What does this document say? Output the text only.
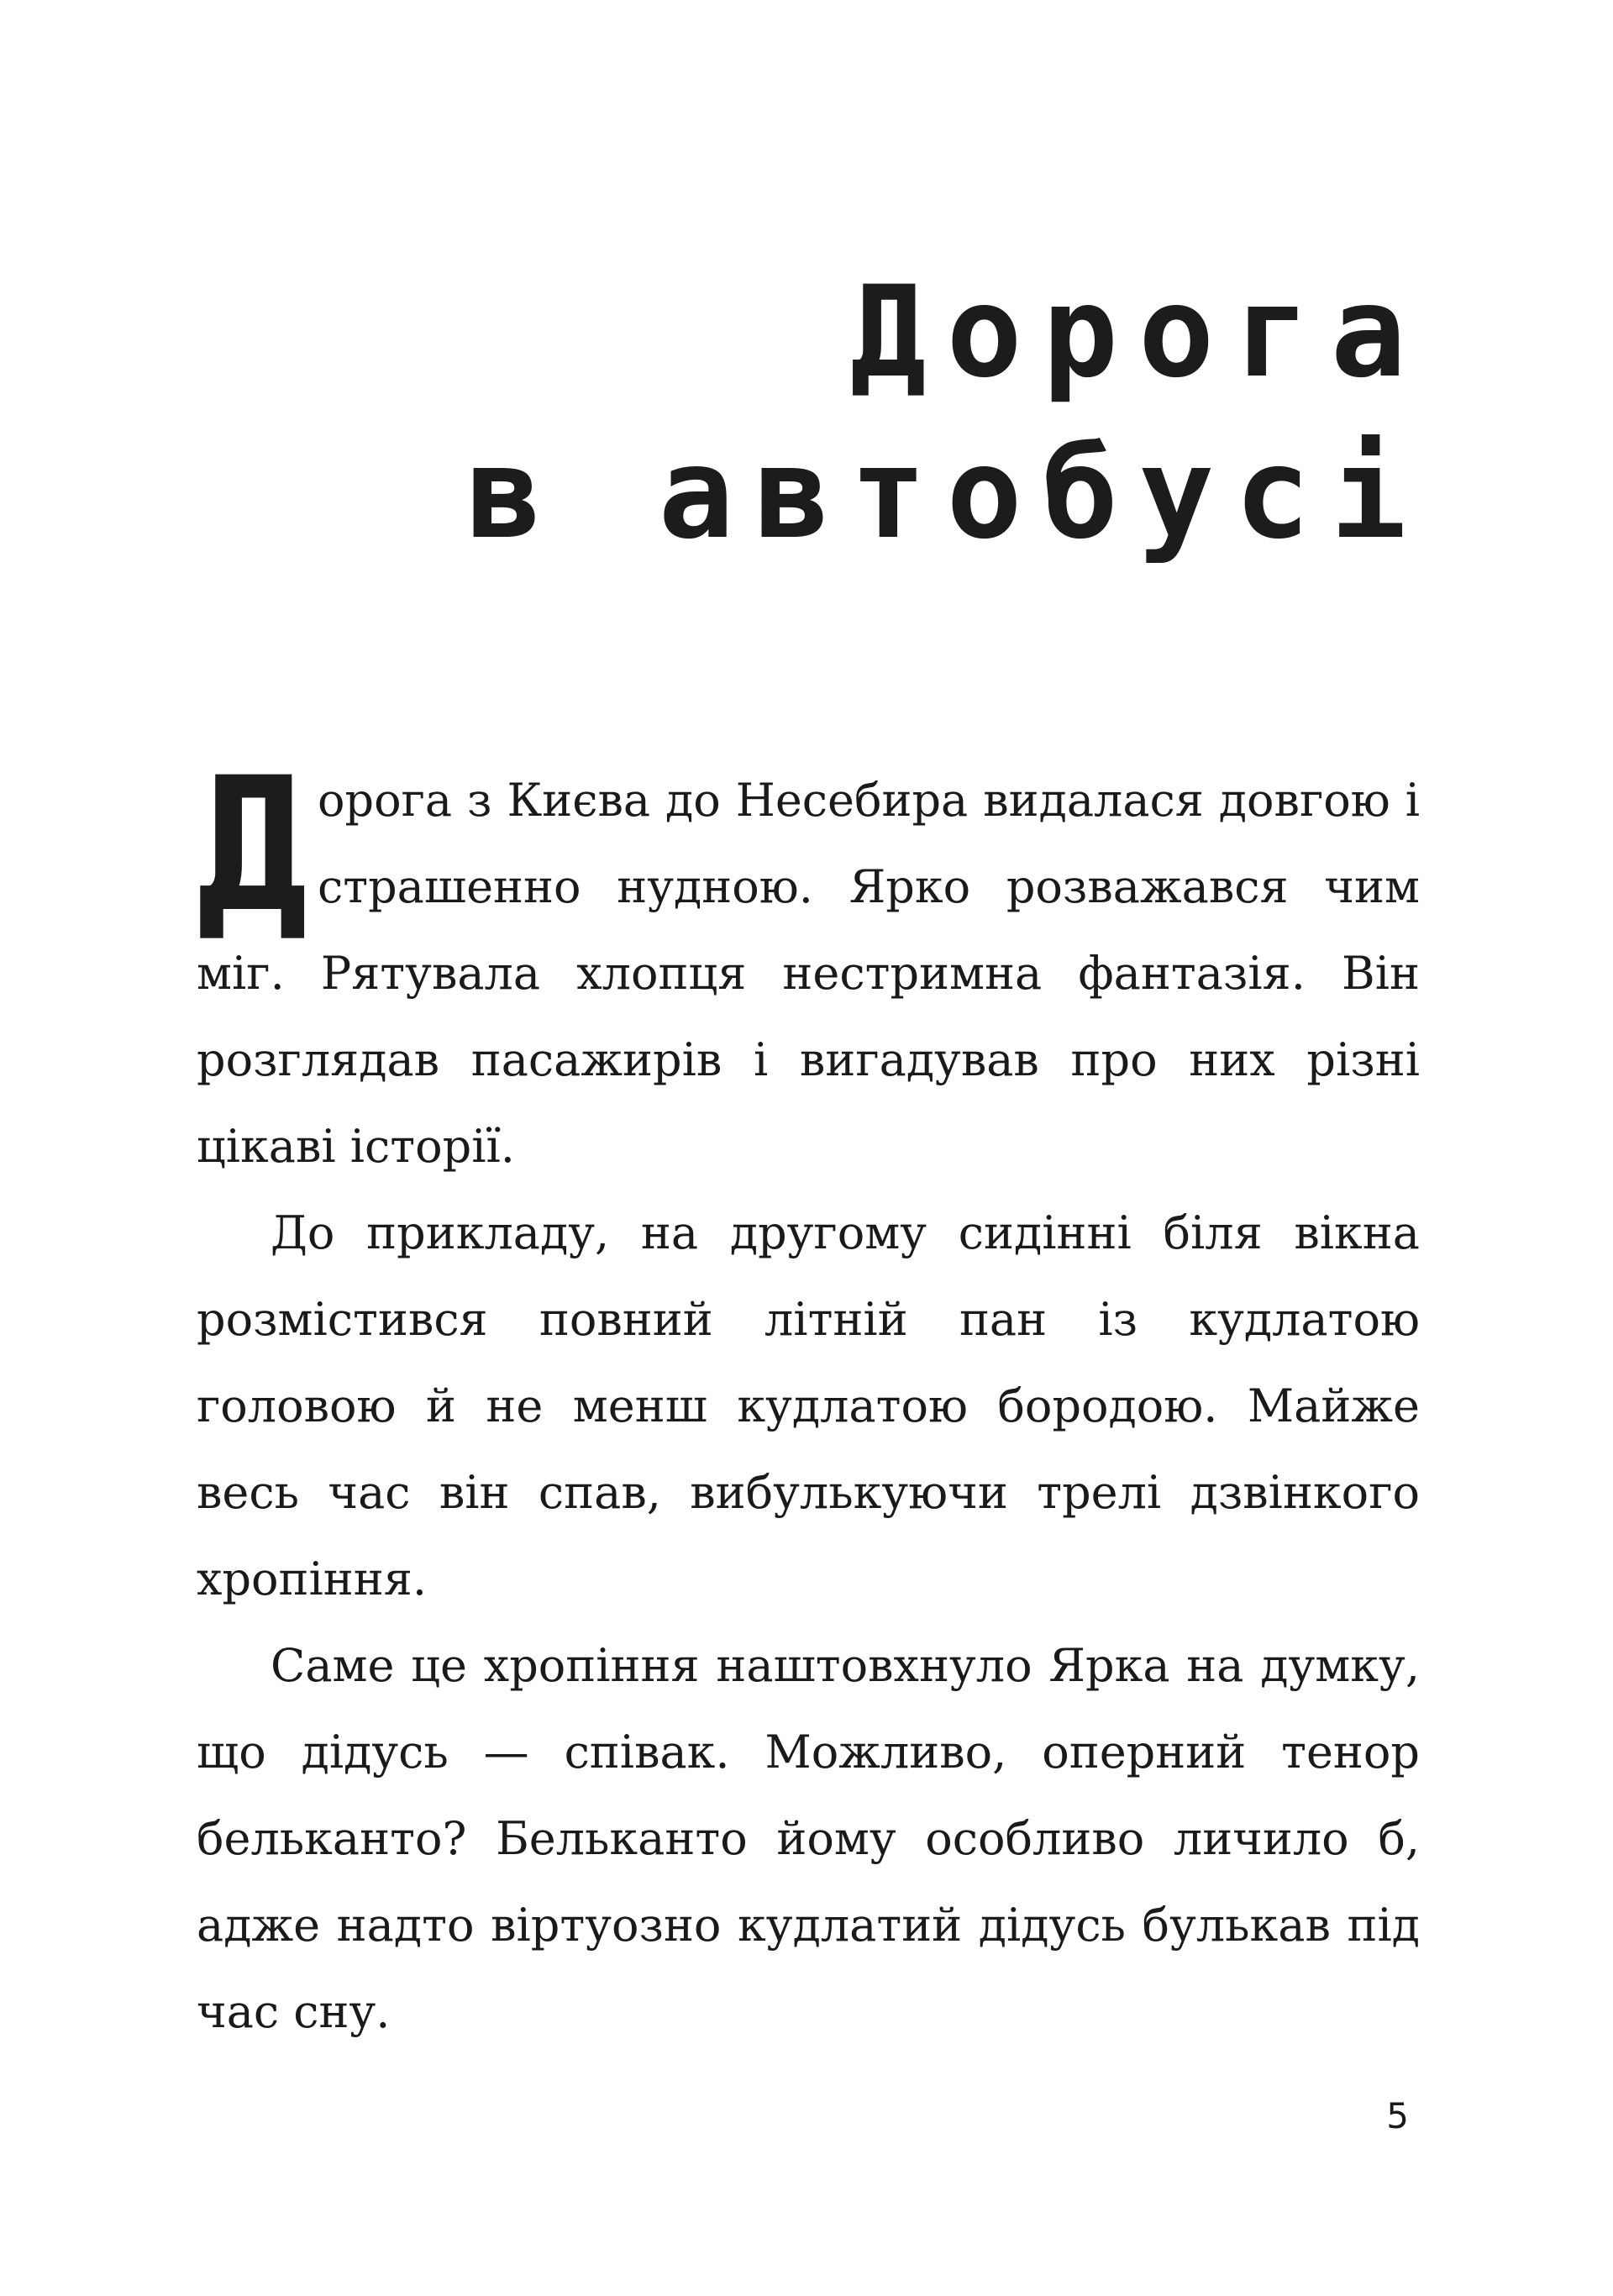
Дорога
в автобусі

Д орога з Києва до Несебира видалася довгою і страшенно нудною. Ярко розважався чим міг. Рятувала хлопця нестримна фантазія. Він розглядав пасажирів і вигадував про них різні цікаві історії.

До прикладу, на другому сидінні біля вікна розмістився повний літній пан із кудлатою головою й не менш кудлатою бородою. Майже весь час він спав, вибулькуючи трелі дзвінкого хропіння.

Саме це хропіння наштовхнуло Ярка на думку, що дідусь — співак. Можливо, оперний тенор бельканто? Бельканто йому особливо личило б, адже надто віртуозно кудлатий дідусь булькав під час сну.

5
